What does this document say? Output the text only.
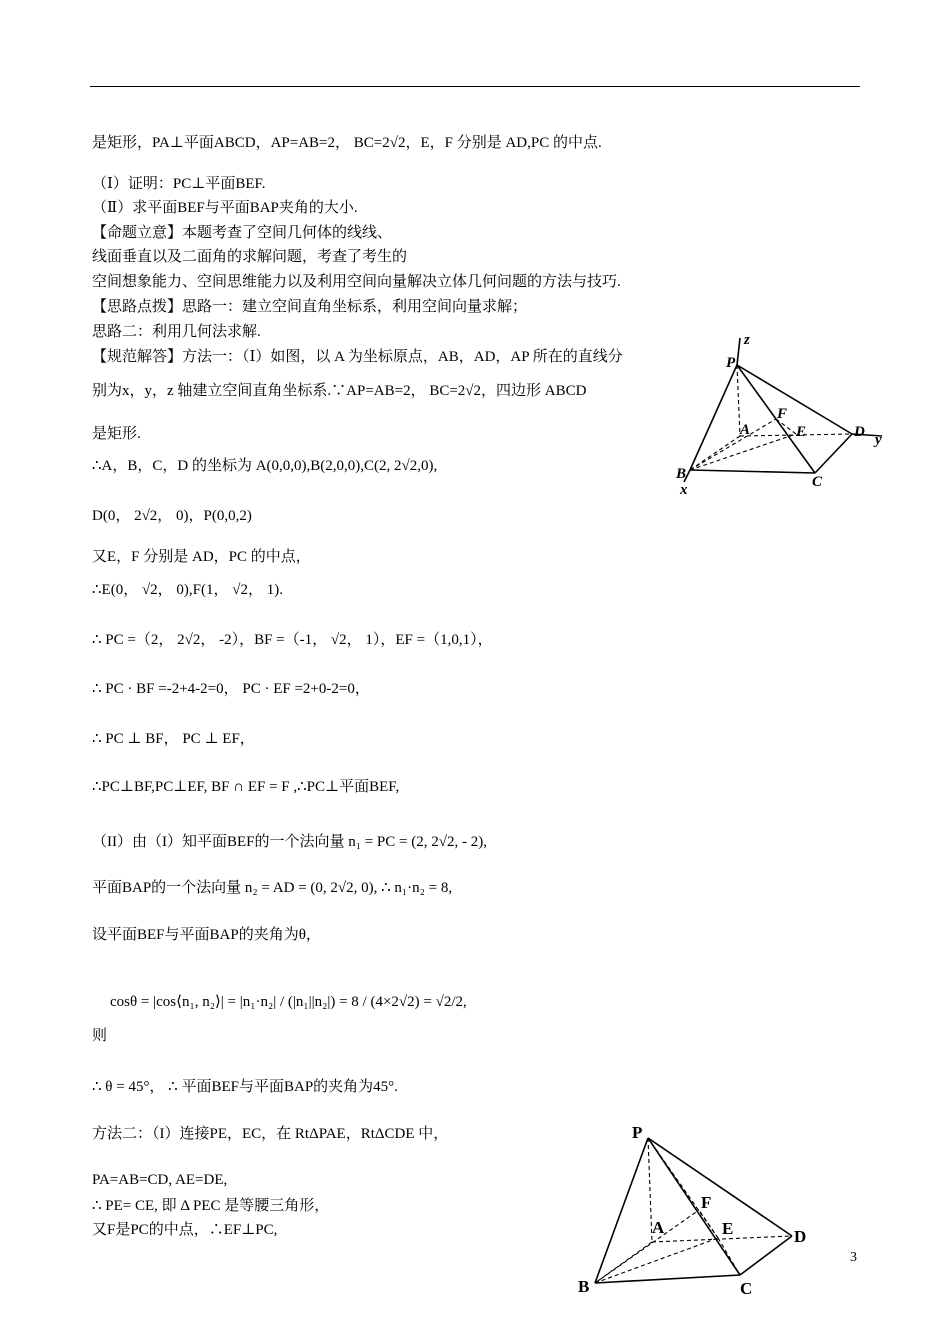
是矩形，PA⊥平面ABCD，AP=AB=2， BC=2√2，E，F 分别是 AD,PC 的中点.
（Ⅰ）证明：PC⊥平面BEF.
（Ⅱ）求平面BEF与平面BAP夹角的大小.
【命题立意】本题考查了空间几何体的线线、
线面垂直以及二面角的求解问题，考查了考生的
空间想象能力、空间思维能力以及利用空间向量解决立体几何问题的方法与技巧.
【思路点拨】思路一：建立空间直角坐标系，利用空间向量求解；
思路二：利用几何法求解.
【规范解答】方法一：（Ⅰ）如图，以 A 为坐标原点，AB，AD，AP 所在的直线分
别为x，y，z 轴建立空间直角坐标系.∵AP=AB=2， BC=2√2，四边形 ABCD
是矩形.
∴A，B，C，D 的坐标为 A(0,0,0),B(2,0,0),C(2, 2√2,0),
D(0， 2√2， 0)，P(0,0,2)
又E，F 分别是 AD，PC 的中点，
∴E(0， √2， 0),F(1， √2， 1).
∴ PC =（2， 2√2， -2），BF =（-1， √2， 1），EF =（1,0,1），
∴ PC · BF =-2+4-2=0， PC · EF =2+0-2=0，
∴ PC ⊥ BF， PC ⊥ EF，
∴PC⊥BF,PC⊥EF, BF ∩ EF = F ,∴PC⊥平面BEF,
（II）由（I）知平面BEF的一个法向量 n₁ = PC = (2, 2√2, - 2),
平面BAP的一个法向量 n₂ = AD = (0, 2√2, 0), ∴ n₁·n₂ = 8,
设平面BEF与平面BAP的夹角为θ，
cosθ = |cos⟨n₁, n₂⟩| = |n₁·n₂| / (|n₁||n₂|) = 8 / (4×2√2) = √2/2,
则
∴ θ = 45°， ∴ 平面BEF与平面BAP的夹角为45°.
方法二：（I）连接PE，EC，在 RtΔPAE，RtΔCDE 中，
PA=AB=CD, AE=DE,
∴ PE= CE, 即 Δ PEC 是等腰三角形，
又F是PC的中点，∴EF⊥PC,
3
P
z
A
F
E	D y
B	C
x
P
A
F
E	D
B	C
